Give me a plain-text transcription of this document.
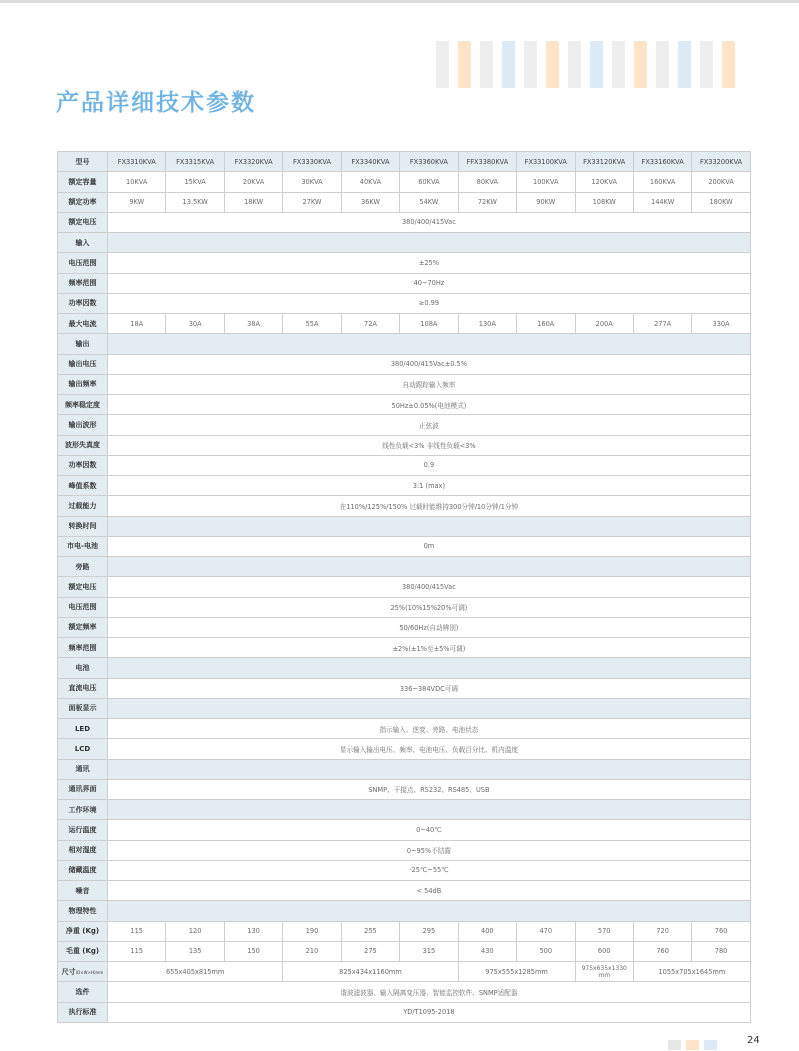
产品详细技术参数
型号	FX3310KVA	FX3315KVA	FX3320KVA	FX3330KVA	FX3340KVA	FX3360KVA	FFX3380KVA	FX33100KVA	FX33120KVA	FX33160KVA	FX33200KVA
额定容量	10KVA	15KVA	20KVA	30KVA	40KVA	60KVA	80KVA	100KVA	120KVA	160KVA	200KVA
额定功率	9KW	13.5KW	18KW	27KW	36KW	54KW	72KW	90KW	108KW	144KW	180KW
额定电压	380/400/415Vac										
输入											
电压范围	±25%										
频率范围	40~70Hz										
功率因数	≥0.99										
最大电流	18A	30A	38A	55A	72A	108A	130A	160A	200A	277A	330A
输出											
输出电压	380/400/415Vac±0.5%										
输出频率	自动跟踪输入频率										
频率稳定度	50Hz±0.05%(电池模式)										
输出波形	正弦波										
波形失真度	线性负载<3% 非线性负载<3%										
功率因数	0.9										
峰值系数	3:1 (max)										
过载能力	在110%/125%/150% 过载时能维持300分钟/10分钟/1分钟										
转换时间											
市电-电池	0m										
旁路											
额定电压	380/400/415Vac										
电压范围	25%(10%15%20%可调)										
额定频率	50/60Hz(自动辨别)										
频率范围	±2%(±1%至±5%可调)										
电池											
直流电压	336~384VDC可调										
面板显示											
LED	指示输入、逆变、旁路、电池状态										
LCD	显示输入输出电压、频率、电池电压、负载百分比、机内温度										
通讯											
通讯界面	SNMP、干接点、RS232、RS485、USB										
工作环境											
运行温度	0~40℃										
相对湿度	0~95%不结露										
储藏温度	-25℃~55℃										
噪音	< 54dB										
物理特性											
净重 (Kg)	115	120	130	190	255	295	400	470	570	720	760
毛重 (Kg)	115	135	150	210	275	315	430	500	600	760	780
尺寸(D×W×H)mm	655x405x815mm			825x434x1160mm			975x555x1285mm		975x635x1330 mm	1055x705x1645mm	
选件	谐波滤波器、输入隔离变压器、智能监控软件、SNMP适配器										
执行标准	YD/T1095-2018										
24
